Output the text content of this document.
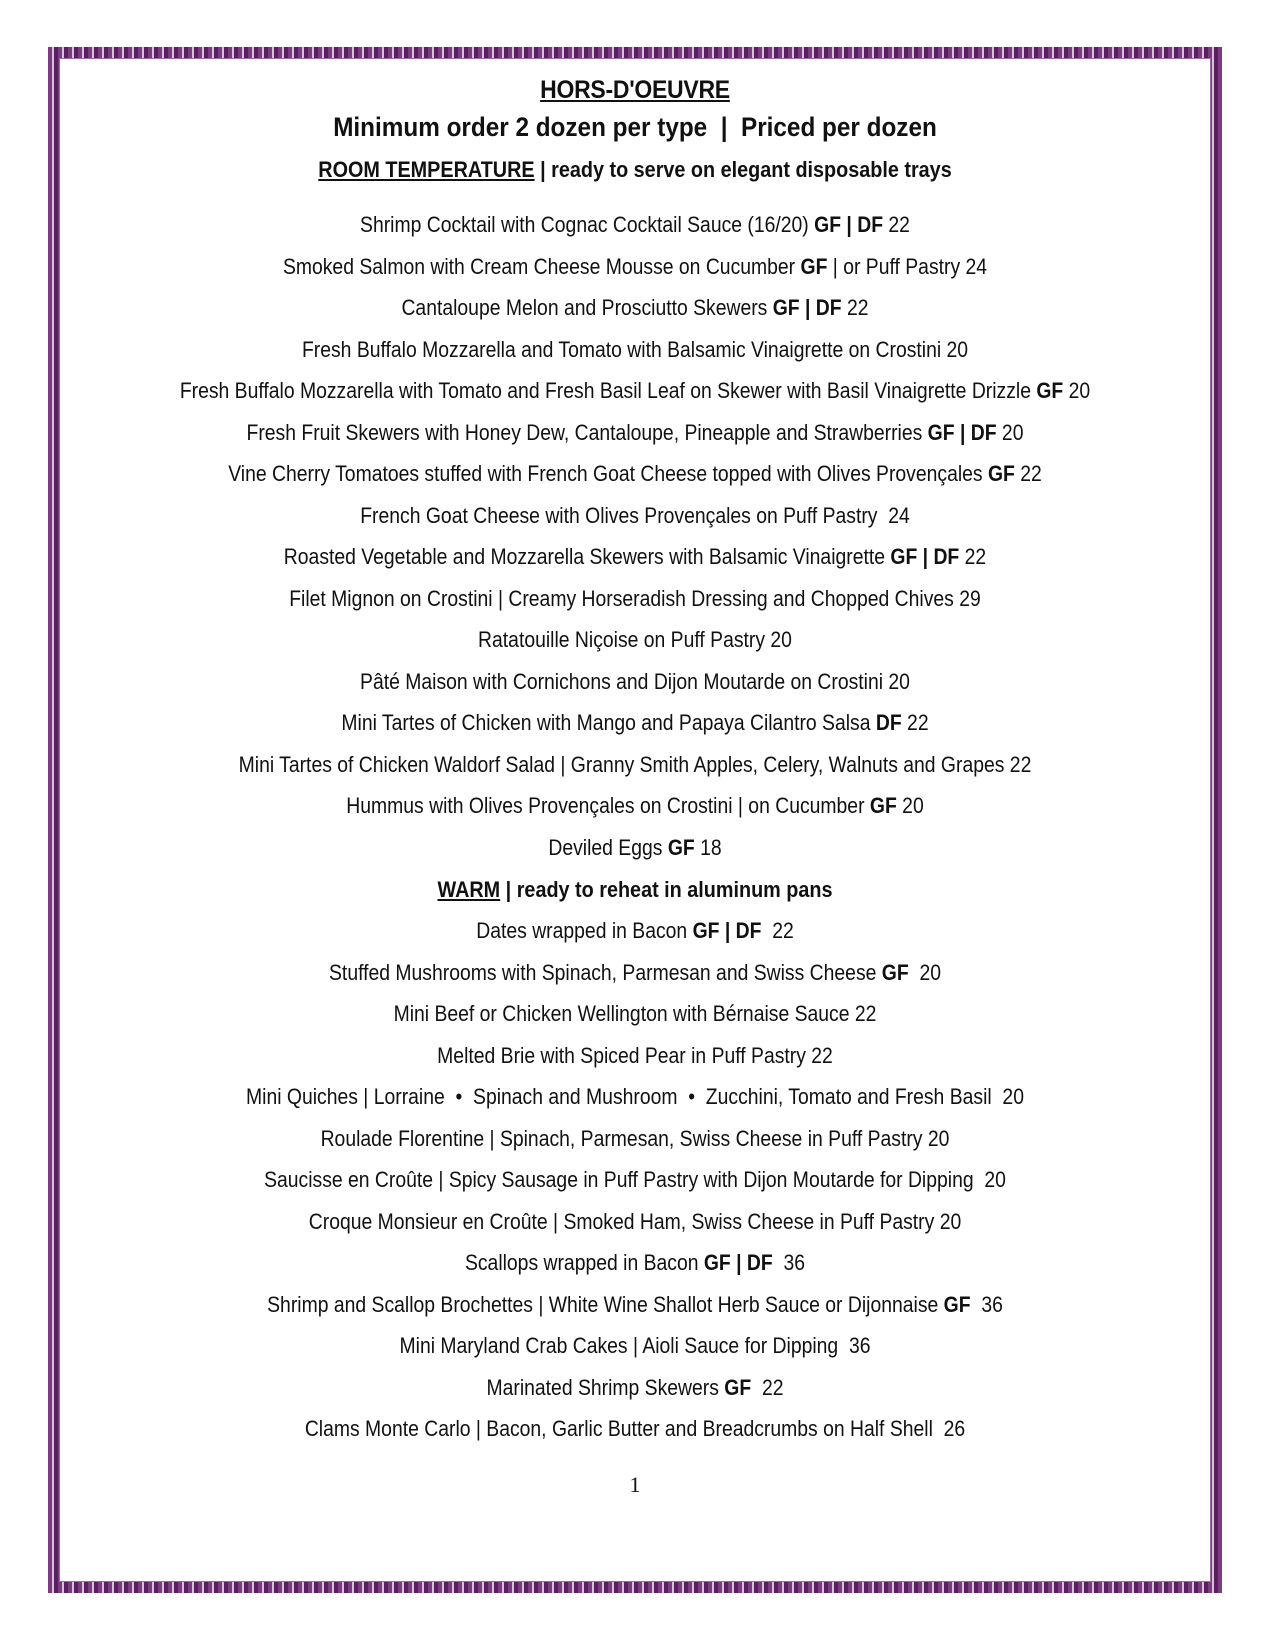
HORS-D'OEUVRE
Minimum order 2 dozen per type  |  Priced per dozen
ROOM TEMPERATURE | ready to serve on elegant disposable trays
Shrimp Cocktail with Cognac Cocktail Sauce (16/20) GF | DF 22
Smoked Salmon with Cream Cheese Mousse on Cucumber GF | or Puff Pastry 24
Cantaloupe Melon and Prosciutto Skewers GF | DF 22
Fresh Buffalo Mozzarella and Tomato with Balsamic Vinaigrette on Crostini 20
Fresh Buffalo Mozzarella with Tomato and Fresh Basil Leaf on Skewer with Basil Vinaigrette Drizzle GF 20
Fresh Fruit Skewers with Honey Dew, Cantaloupe, Pineapple and Strawberries GF | DF 20
Vine Cherry Tomatoes stuffed with French Goat Cheese topped with Olives Provençales GF 22
French Goat Cheese with Olives Provençales on Puff Pastry  24
Roasted Vegetable and Mozzarella Skewers with Balsamic Vinaigrette GF | DF 22
Filet Mignon on Crostini | Creamy Horseradish Dressing and Chopped Chives 29
Ratatouille Niçoise on Puff Pastry 20
Pâté Maison with Cornichons and Dijon Moutarde on Crostini 20
Mini Tartes of Chicken with Mango and Papaya Cilantro Salsa DF 22
Mini Tartes of Chicken Waldorf Salad | Granny Smith Apples, Celery, Walnuts and Grapes 22
Hummus with Olives Provençales on Crostini | on Cucumber GF 20
Deviled Eggs GF 18
WARM | ready to reheat in aluminum pans
Dates wrapped in Bacon GF | DF  22
Stuffed Mushrooms with Spinach, Parmesan and Swiss Cheese GF  20
Mini Beef or Chicken Wellington with Bérnaise Sauce 22
Melted Brie with Spiced Pear in Puff Pastry 22
Mini Quiches | Lorraine  •  Spinach and Mushroom  •  Zucchini, Tomato and Fresh Basil  20
Roulade Florentine | Spinach, Parmesan, Swiss Cheese in Puff Pastry 20
Saucisse en Croûte | Spicy Sausage in Puff Pastry with Dijon Moutarde for Dipping  20
Croque Monsieur en Croûte | Smoked Ham, Swiss Cheese in Puff Pastry 20
Scallops wrapped in Bacon GF | DF  36
Shrimp and Scallop Brochettes | White Wine Shallot Herb Sauce or Dijonnaise GF  36
Mini Maryland Crab Cakes | Aioli Sauce for Dipping  36
Marinated Shrimp Skewers GF  22
Clams Monte Carlo | Bacon, Garlic Butter and Breadcrumbs on Half Shell  26
1
